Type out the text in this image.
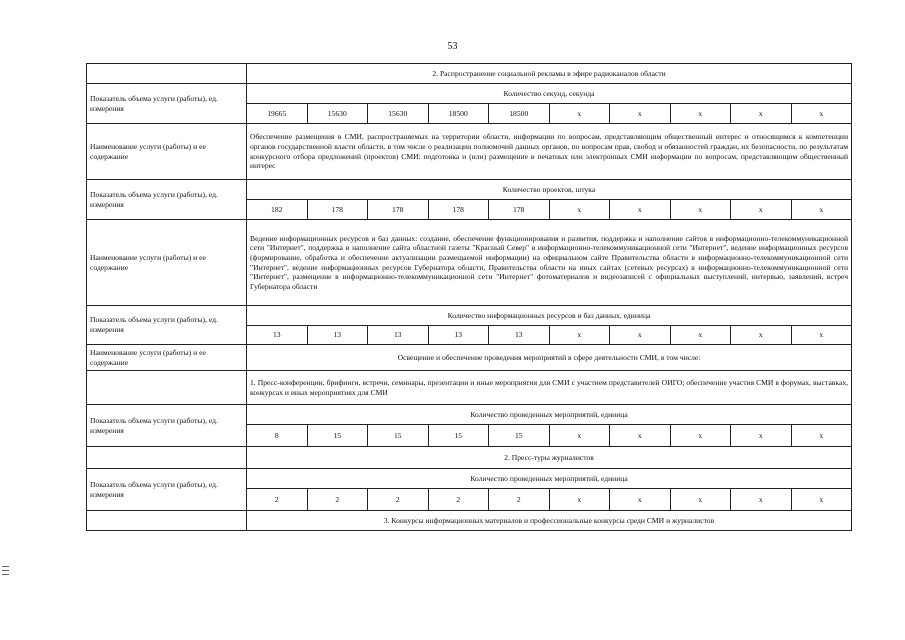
53
	2. Распространение социальной рекламы в эфире радиоканалов области									
Показатель объема услуги (работы), ед. измерения	Количество секунд, секунда									
	19665	15630	15630	18500	18500	x	x	x	x	x
Наименование услуги (работы) и ее содержание	Обеспечение размещения в СМИ, распространяемых на территории области, информации по вопросам, представляющим общественный интерес и относящимся к компетенции органов государственной власти области, в том числе о реализации полномочий данных органов, по вопросам прав, свобод и обязанностей граждан, их безопасности, по результатам конкурсного отбора предложений (проектов) СМИ: подготовка и (или) размещение в печатных или электронных СМИ информации по вопросам, представляющим общественный интерес									
Показатель объема услуги (работы), ед. измерения	Количество проектов, штука									
	182	178	178	178	178	x	x	x	x	x
Наименование услуги (работы) и ее содержание	Ведение информационных ресурсов и баз данных: создание, обеспечение функционирования и развития, поддержка и наполнение сайтов в информационно-телекоммуникационной сети "Интернет", поддержка и наполнение сайта областной газеты "Красный Север" в информационно-телекоммуникационной сети "Интернет", ведение информационных ресурсов (формирование, обработка и обеспечение актуализации размещаемой информации) на официальном сайте Правительства области в информационно-телекоммуникационной сети "Интернет", ведение информационных ресурсов Губернатора области, Правительства области на иных сайтах (сетевых ресурсах) в информационно-телекоммуникационной сети "Интернет", размещение в информационно-телекоммуникационной сети "Интернет" фотоматериалов и видеозаписей с официальных выступлений, интервью, заявлений, встреч Губернатора области									
Показатель объема услуги (работы), ед. измерения	Количество информационных ресурсов и баз данных, единица									
	13	13	13	13	13	x	x	x	x	x
Наименование услуги (работы) и ее содержание	Освещение и обеспечение проведения мероприятий в сфере деятельности СМИ, в том числе:									
	1. Пресс-конференции, брифинги, встречи, семинары, презентации и иные мероприятия для СМИ с участием представителей ОИГО; обеспечение участия СМИ в форумах, выставках, конкурсах и иных мероприятиях для СМИ									
Показатель объема услуги (работы), ед. измерения	Количество проведенных мероприятий, единица									
	8	15	15	15	15	x	x	x	x	x
	2. Пресс-туры журналистов									
Показатель объема услуги (работы), ед. измерения	Количество проведенных мероприятий, единица									
	2	2	2	2	2	x	x	x	x	x
	3. Конкурсы информационных материалов и профессиональные конкурсы среди СМИ и журналистов									
